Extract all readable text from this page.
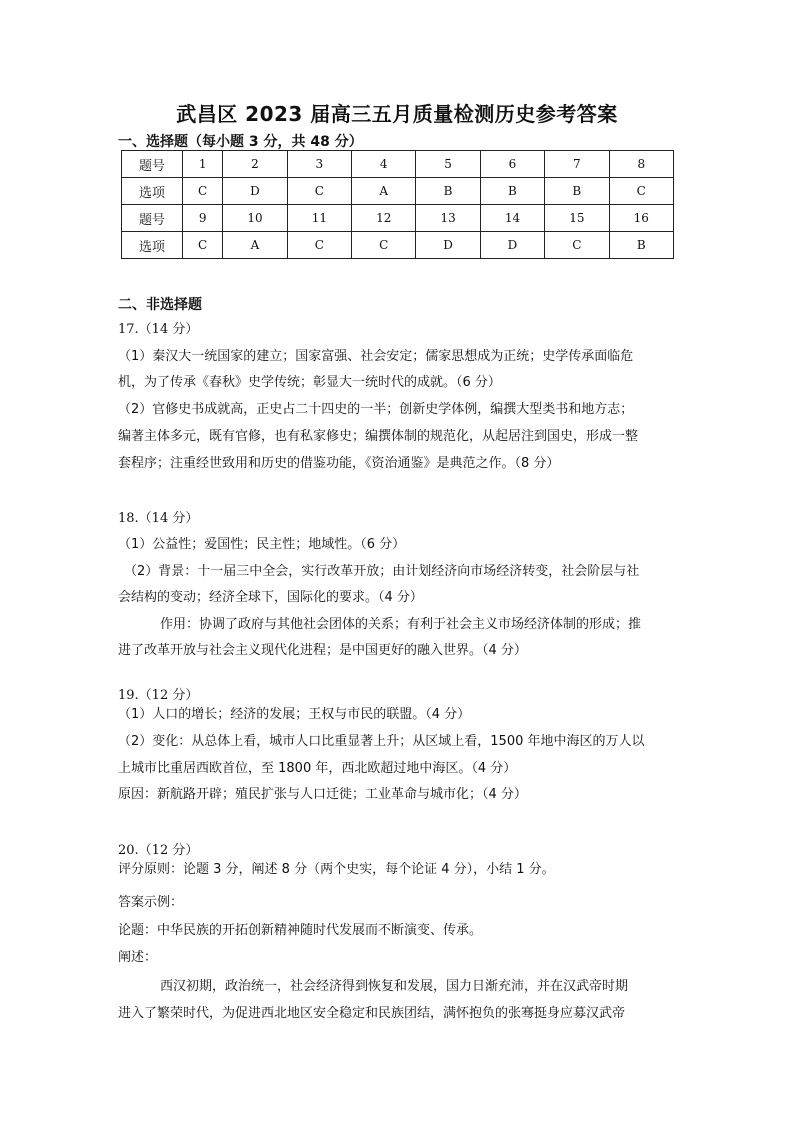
武昌区 2023 届高三五月质量检测历史参考答案
一、选择题（每小题 3 分，共 48 分）
题号	1	2	3	4	5	6	7	8
选项	C	D	C	A	B	B	B	C
题号	9	10	11	12	13	14	15	16
选项	C	A	C	C	D	D	C	B
二、非选择题
17.（14 分）
（1）秦汉大一统国家的建立；国家富强、社会安定；儒家思想成为正统；史学传承面临危
机，为了传承《春秋》史学传统；彰显大一统时代的成就。（6 分）
（2）官修史书成就高，正史占二十四史的一半；创新史学体例，编撰大型类书和地方志；
编著主体多元，既有官修，也有私家修史；编撰体制的规范化，从起居注到国史，形成一整
套程序；注重经世致用和历史的借鉴功能，《资治通鉴》是典范之作。（8 分）
18.（14 分）
（1）公益性；爱国性；民主性；地域性。（6 分）
（2）背景：十一届三中全会，实行改革开放；由计划经济向市场经济转变，社会阶层与社
会结构的变动；经济全球下，国际化的要求。（4 分）
作用：协调了政府与其他社会团体的关系；有利于社会主义市场经济体制的形成；推
进了改革开放与社会主义现代化进程；是中国更好的融入世界。（4 分）
19.（12 分）
（1）人口的增长；经济的发展；王权与市民的联盟。（4 分）
（2）变化：从总体上看，城市人口比重显著上升；从区域上看，1500 年地中海区的万人以
上城市比重居西欧首位，至 1800 年，西北欧超过地中海区。（4 分）
原因：新航路开辟；殖民扩张与人口迁徙；工业革命与城市化；（4 分）
20.（12 分）
评分原则：论题 3 分，阐述 8 分（两个史实，每个论证 4 分），小结 1 分。
答案示例：
论题：中华民族的开拓创新精神随时代发展而不断演变、传承。
阐述：
西汉初期，政治统一，社会经济得到恢复和发展，国力日渐充沛，并在汉武帝时期
进入了繁荣时代，为促进西北地区安全稳定和民族团结，满怀抱负的张骞挺身应募汉武帝
